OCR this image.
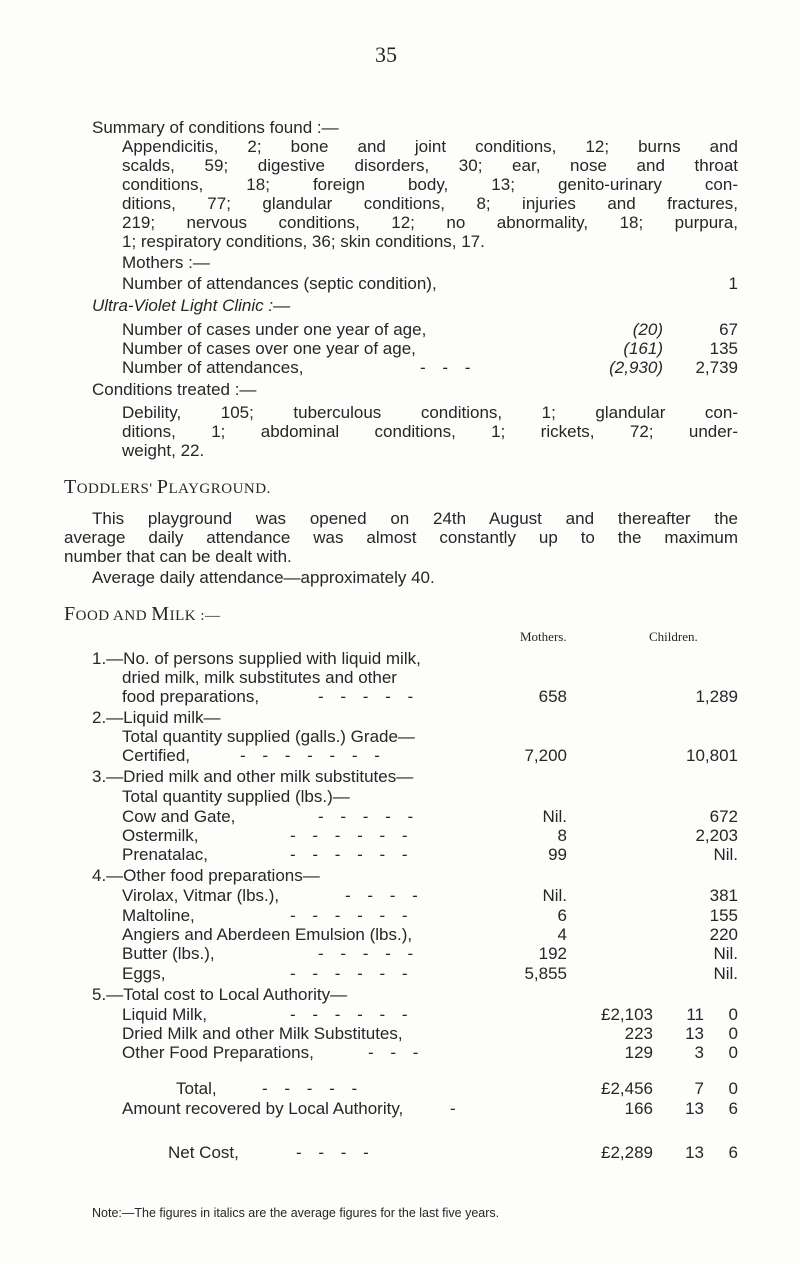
35
Summary of conditions found :—
Appendicitis, 2; bone and joint conditions, 12; burns and
scalds, 59; digestive disorders, 30; ear, nose and throat
conditions, 18; foreign body, 13; genito-urinary con-
ditions, 77; glandular conditions, 8; injuries and fractures,
219; nervous conditions, 12; no abnormality, 18; purpura,
1; respiratory conditions, 36; skin conditions, 17.
Mothers :—
Number of attendances (septic condition),	1
Ultra-Violet Light Clinic :—
Number of cases under one year of age,	(20)	67
Number of cases over one year of age,	(161)	135
Number of attendances,	- - -	(2,930)	2,739
Conditions treated :—
Debility, 105; tuberculous conditions, 1; glandular con-
ditions, 1; abdominal conditions, 1; rickets, 72; under-
weight, 22.
TODDLERS' PLAYGROUND.
This playground was opened on 24th August and thereafter the
average daily attendance was almost constantly up to the maximum
number that can be dealt with.
Average daily attendance—approximately 40.
FOOD AND MILK :—
Mothers.	Children.
1.—No. of persons supplied with liquid milk,
dried milk, milk substitutes and other
food preparations,	- - - - -	658	1,289
2.—Liquid milk—
Total quantity supplied (galls.) Grade—
Certified,	- - - - - - -	7,200	10,801
3.—Dried milk and other milk substitutes—
Total quantity supplied (lbs.)—
Cow and Gate,	- - - - -	Nil.	672
Ostermilk,	- - - - - -	8	2,203
Prenatalac,	- - - - - -	99	Nil.
4.—Other food preparations—
Virolax, Vitmar (lbs.),	- - - -	Nil.	381
Maltoline,	- - - - - -	6	155
Angiers and Aberdeen Emulsion (lbs.),	4	220
Butter (lbs.),	- - - - -	192	Nil.
Eggs,	- - - - - -	5,855	Nil.
5.—Total cost to Local Authority—
Liquid Milk,	- - - - - -	£2,103	11	0
Dried Milk and other Milk Substitutes,	223	13	0
Other Food Preparations,	- - -	129	3	0
Total,	- - - - -	£2,456	7	0
Amount recovered by Local Authority,	-	166	13	6
Net Cost,	- - - -	£2,289	13	6
Note:—The figures in italics are the average figures for the last five years.
